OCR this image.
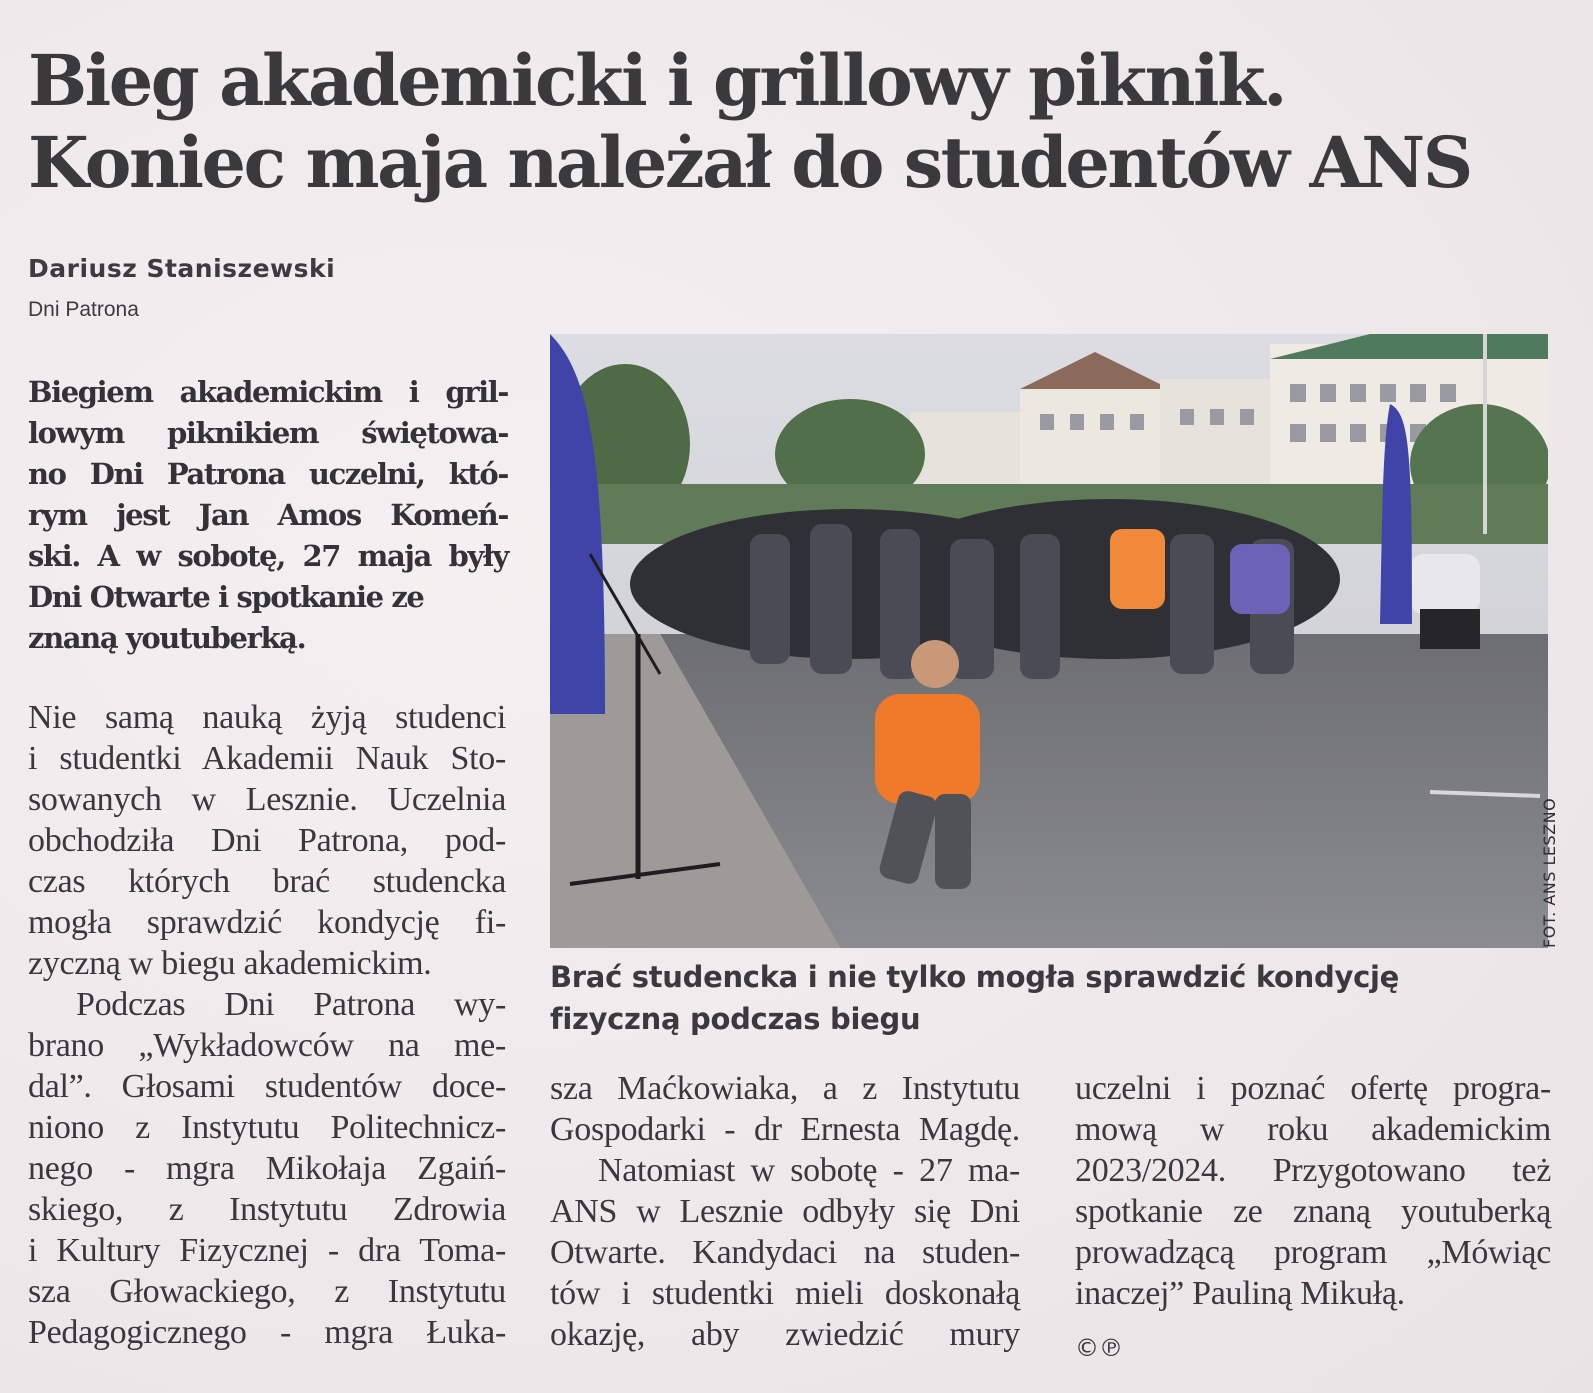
Bieg akademicki i grillowy piknik.
Koniec maja należał do studentów ANS
Dariusz Staniszewski
Dni Patrona
Biegiem akademickim i gril-
lowym piknikiem świętowa-
no Dni Patrona uczelni, któ-
rym jest Jan Amos Komeń-
ski. A w sobotę, 27 maja były
Dni Otwarte i spotkanie ze
znaną youtuberką.
Nie samą nauką żyją studenci
i studentki Akademii Nauk Sto-
sowanych w Lesznie. Uczelnia
obchodziła Dni Patrona, pod-
czas których brać studencka
mogła sprawdzić kondycję fi-
zyczną w biegu akademickim.
Podczas Dni Patrona wy-
brano „Wykładowców na me-
dal”. Głosami studentów doce-
niono z Instytutu Politechnicz-
nego - mgra Mikołaja Zgaiń-
skiego, z Instytutu Zdrowia
i Kultury Fizycznej - dra Toma-
sza Głowackiego, z Instytutu
Pedagogicznego - mgra Łuka-
FOT. ANS LESZNO
Brać studencka i nie tylko mogła sprawdzić kondycję
fizyczną podczas biegu
sza Maćkowiaka, a z Instytutu
Gospodarki - dr Ernesta Magdę.
Natomiast w sobotę - 27 ma-
ANS w Lesznie odbyły się Dni
Otwarte. Kandydaci na studen-
tów i studentki mieli doskonałą
okazję, aby zwiedzić mury
uczelni i poznać ofertę progra-
mową w roku akademickim
2023/2024. Przygotowano też
spotkanie ze znaną youtuberką
prowadzącą program „Mówiąc
inaczej” Pauliną Mikułą.
©℗
